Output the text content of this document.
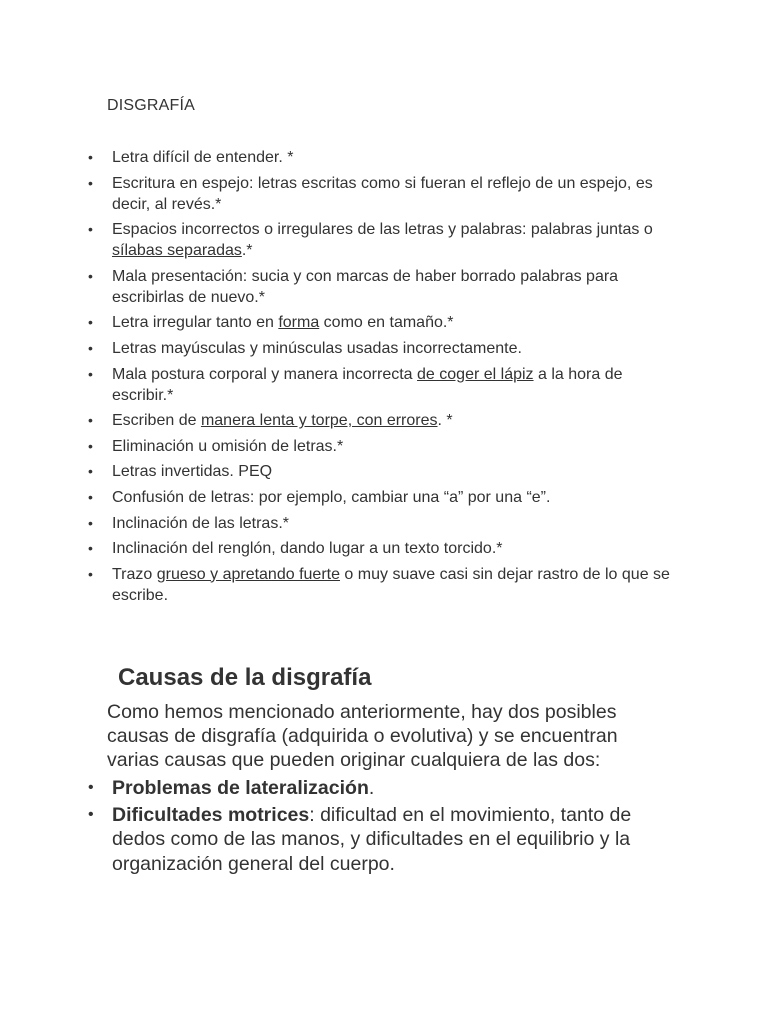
DISGRAFÍA
• Letra difícil de entender. *
• Escritura en espejo: letras escritas como si fueran el reflejo de un espejo, es decir, al revés.*
• Espacios incorrectos o irregulares de las letras y palabras: palabras juntas o sílabas separadas.*
• Mala presentación: sucia y con marcas de haber borrado palabras para escribirlas de nuevo.*
• Letra irregular tanto en forma como en tamaño.*
• Letras mayúsculas y minúsculas usadas incorrectamente.
• Mala postura corporal y manera incorrecta de coger el lápiz a la hora de escribir.*
• Escriben de manera lenta y torpe, con errores. *
• Eliminación u omisión de letras.*
• Letras invertidas. PEQ
• Confusión de letras: por ejemplo, cambiar una “a” por una “e”.
• Inclinación de las letras.*
• Inclinación del renglón, dando lugar a un texto torcido.*
• Trazo grueso y apretando fuerte o muy suave casi sin dejar rastro de lo que se escribe.
Causas de la disgrafía

Como hemos mencionado anteriormente, hay dos posibles causas de disgrafía (adquirida o evolutiva) y se encuentran varias causas que pueden originar cualquiera de las dos:

• Problemas de lateralización.
• Dificultades motrices: dificultad en el movimiento, tanto de dedos como de las manos, y dificultades en el equilibrio y la organización general del cuerpo.
